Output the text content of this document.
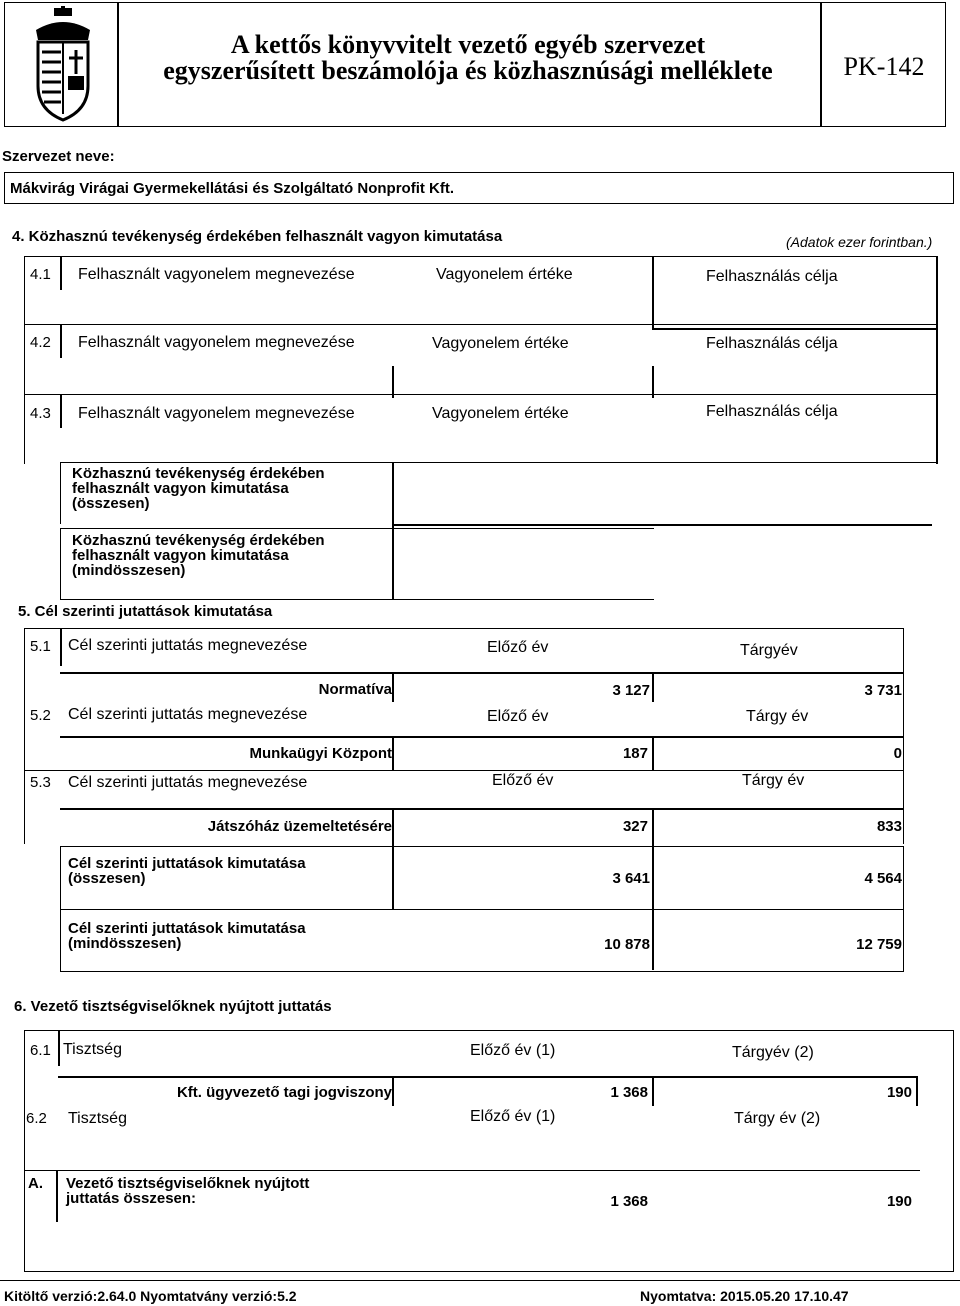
A kettős könyvvitelt vezető egyéb szervezet
egyszerűsített beszámolója és közhasznúsági melléklete	PK-142
Szervezet neve:
Mákvirág Virágai Gyermekellátási és Szolgáltató Nonprofit Kft.
4. Közhasznú tevékenység érdekében felhasznált vagyon kimutatása	(Adatok ezer forintban.)
4.1 Felhasznált vagyonelem megnevezése	Vagyonelem értéke	Felhasználás célja
4.2 Felhasznált vagyonelem megnevezése	Vagyonelem értéke	Felhasználás célja
4.3 Felhasznált vagyonelem megnevezése	Vagyonelem értéke	Felhasználás célja
Közhasznú tevékenység érdekében
felhasznált vagyon kimutatása
(összesen)
Közhasznú tevékenység érdekében
felhasznált vagyon kimutatása
(mindösszesen)
5. Cél szerinti jutattások kimutatása
5.1 Cél szerinti juttatás megnevezése	Előző év	Tárgyév
Normatíva	3 127	3 731
5.2 Cél szerinti juttatás megnevezése	Előző év	Tárgy év
Munkaügyi Központ	187	0
5.3 Cél szerinti juttatás megnevezése	Előző év	Tárgy év
Játszóház üzemeltetésére	327	833
Cél szerinti juttatások kimutatása
(összesen)	3 641	4 564
Cél szerinti juttatások kimutatása
(mindösszesen)	10 878	12 759
6. Vezető tisztségviselőknek nyújtott juttatás
6.1 Tisztség	Előző év (1)	Tárgyév (2)
Kft. ügyvezető tagi jogviszony	1 368	190
6.2 Tisztség	Előző év (1)	Tárgy év (2)
A. Vezető tisztségviselőknek nyújtott
juttatás összesen:	1 368	190
Kitöltő verzió:2.64.0 Nyomtatvány verzió:5.2	Nyomtatva: 2015.05.20 17.10.47
